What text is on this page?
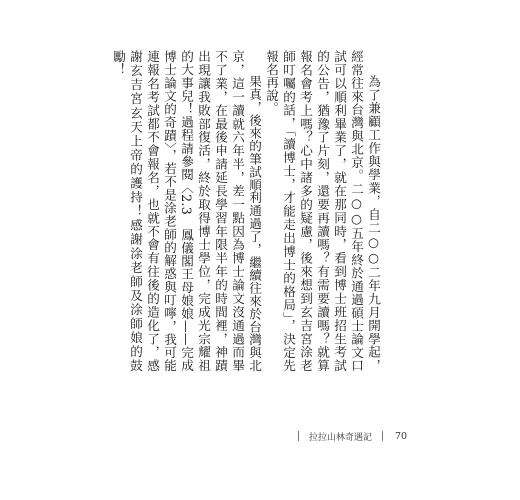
為了兼顧工作與學業，自二○○二年九月開學起，經常往來台灣與北京。二○○五年終於通過碩士論文口試可以順利畢業了，就在那同時，看到博士班招生考試的公告，猶豫了片刻，還要再讀嗎？有需要讀嗎？就算報名會考上嗎？心中諸多的疑慮，後來想到玄吉宮涂老師叮囑的話，「讀博士，才能走出博士的格局」，決定先報名再說。

果真，後來的筆試順利通過了，繼續往來於台灣與北京，這一讀就六年半，差一點因為博士論文沒通過而畢不了業，在最後申請延長學習年限半年的時間裡，神蹟出現讓我敗部復活，終於取得博士學位，完成光宗耀祖的大事兒！過程請參閱〈2.3　鳳儀閣王母娘娘——完成博士論文的奇蹟〉，若不是涂老師的解惑與叮嚀，我可能連報名考試都不會報名，也就不會有往後的造化了，感謝玄吉宮玄天上帝的護持！感謝涂老師及涂師娘的鼓勵！

拉拉山林奇遇記 70
